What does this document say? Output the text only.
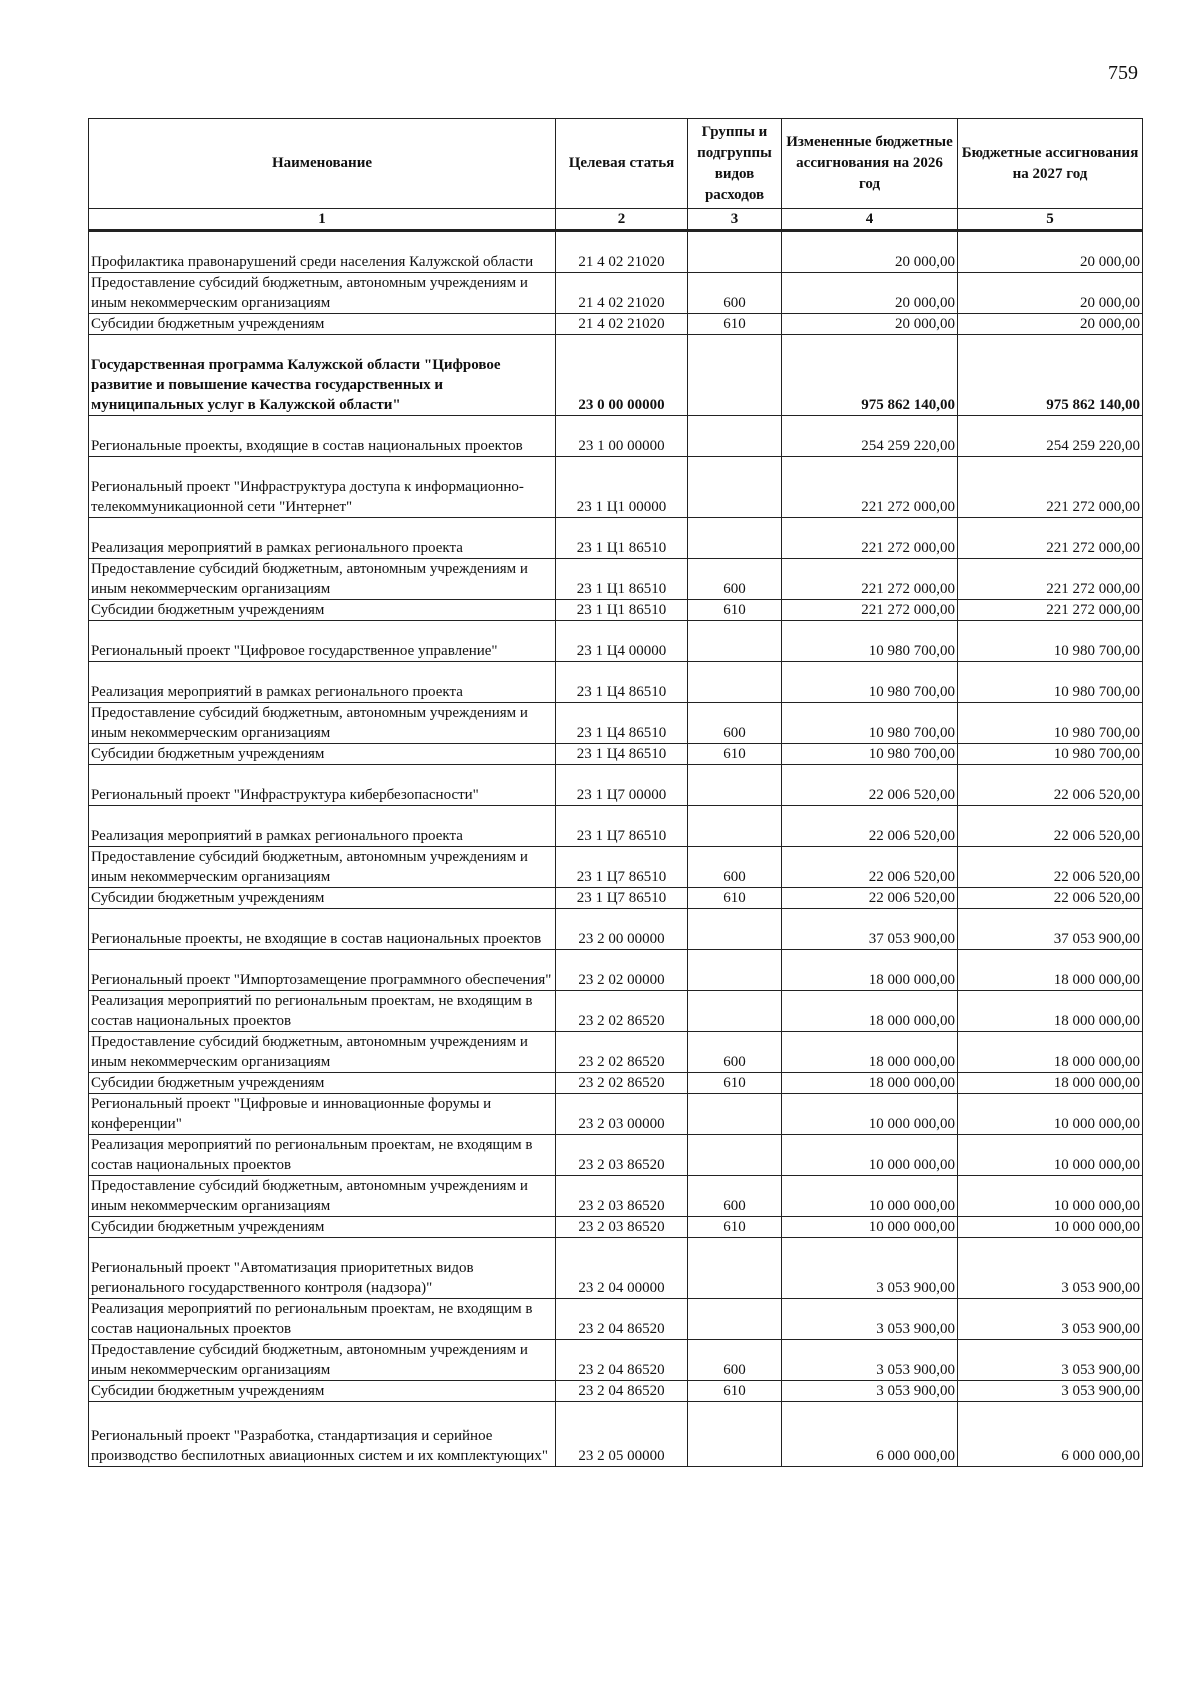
759
Наименование	Целевая статья	Группы и подгруппы видов расходов	Измененные бюджетные ассигнования на 2026 год	Бюджетные ассигнования на 2027 год
1	2	3	4	5
Профилактика правонарушений среди населения Калужской области	21 4 02 21020		20 000,00	20 000,00
Предоставление субсидий бюджетным, автономным учреждениям и иным некоммерческим организациям	21 4 02 21020	600	20 000,00	20 000,00
Субсидии бюджетным учреждениям	21 4 02 21020	610	20 000,00	20 000,00
Государственная программа Калужской области "Цифровое развитие и повышение качества государственных и муниципальных услуг в Калужской области"	23 0 00 00000		975 862 140,00	975 862 140,00
Региональные проекты, входящие в состав национальных проектов	23 1 00 00000		254 259 220,00	254 259 220,00
Региональный проект "Инфраструктура доступа к информационно-телекоммуникационной сети "Интернет"	23 1 Ц1 00000		221 272 000,00	221 272 000,00
Реализация мероприятий в рамках регионального проекта	23 1 Ц1 86510		221 272 000,00	221 272 000,00
Предоставление субсидий бюджетным, автономным учреждениям и иным некоммерческим организациям	23 1 Ц1 86510	600	221 272 000,00	221 272 000,00
Субсидии бюджетным учреждениям	23 1 Ц1 86510	610	221 272 000,00	221 272 000,00
Региональный проект "Цифровое государственное управление"	23 1 Ц4 00000		10 980 700,00	10 980 700,00
Реализация мероприятий в рамках регионального проекта	23 1 Ц4 86510		10 980 700,00	10 980 700,00
Предоставление субсидий бюджетным, автономным учреждениям и иным некоммерческим организациям	23 1 Ц4 86510	600	10 980 700,00	10 980 700,00
Субсидии бюджетным учреждениям	23 1 Ц4 86510	610	10 980 700,00	10 980 700,00
Региональный проект "Инфраструктура кибербезопасности"	23 1 Ц7 00000		22 006 520,00	22 006 520,00
Реализация мероприятий в рамках регионального проекта	23 1 Ц7 86510		22 006 520,00	22 006 520,00
Предоставление субсидий бюджетным, автономным учреждениям и иным некоммерческим организациям	23 1 Ц7 86510	600	22 006 520,00	22 006 520,00
Субсидии бюджетным учреждениям	23 1 Ц7 86510	610	22 006 520,00	22 006 520,00
Региональные проекты, не входящие в состав национальных проектов	23 2 00 00000		37 053 900,00	37 053 900,00
Региональный проект "Импортозамещение программного обеспечения"	23 2 02 00000		18 000 000,00	18 000 000,00
Реализация мероприятий по региональным проектам, не входящим в состав национальных проектов	23 2 02 86520		18 000 000,00	18 000 000,00
Предоставление субсидий бюджетным, автономным учреждениям и иным некоммерческим организациям	23 2 02 86520	600	18 000 000,00	18 000 000,00
Субсидии бюджетным учреждениям	23 2 02 86520	610	18 000 000,00	18 000 000,00
Региональный проект "Цифровые и инновационные форумы и конференции"	23 2 03 00000		10 000 000,00	10 000 000,00
Реализация мероприятий по региональным проектам, не входящим в состав национальных проектов	23 2 03 86520		10 000 000,00	10 000 000,00
Предоставление субсидий бюджетным, автономным учреждениям и иным некоммерческим организациям	23 2 03 86520	600	10 000 000,00	10 000 000,00
Субсидии бюджетным учреждениям	23 2 03 86520	610	10 000 000,00	10 000 000,00
Региональный проект "Автоматизация приоритетных видов регионального государственного контроля (надзора)"	23 2 04 00000		3 053 900,00	3 053 900,00
Реализация мероприятий по региональным проектам, не входящим в состав национальных проектов	23 2 04 86520		3 053 900,00	3 053 900,00
Предоставление субсидий бюджетным, автономным учреждениям и иным некоммерческим организациям	23 2 04 86520	600	3 053 900,00	3 053 900,00
Субсидии бюджетным учреждениям	23 2 04 86520	610	3 053 900,00	3 053 900,00
Региональный проект "Разработка, стандартизация и серийное производство беспилотных авиационных систем и их комплектующих"	23 2 05 00000		6 000 000,00	6 000 000,00
